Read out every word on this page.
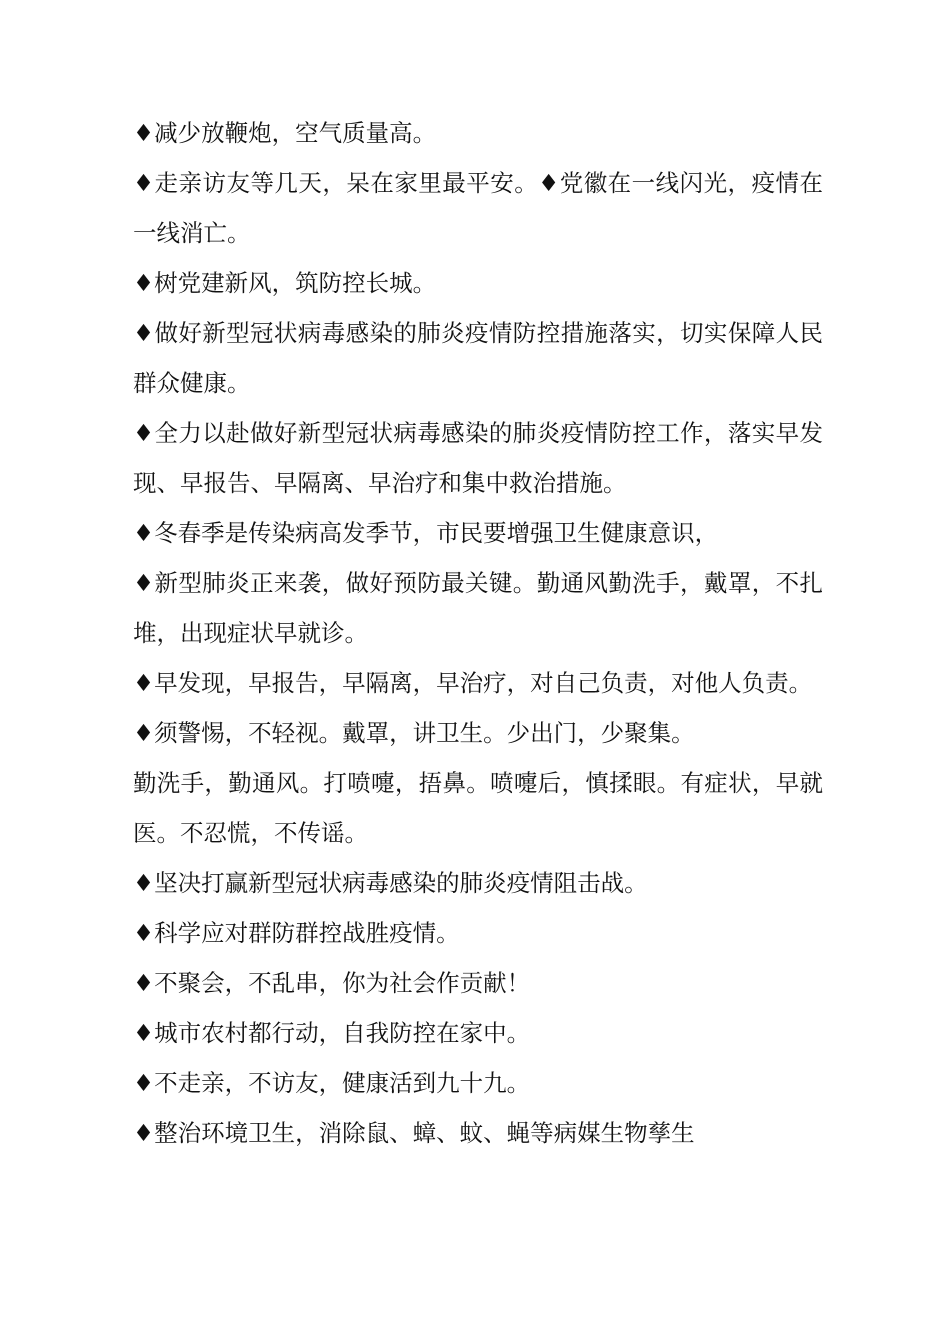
♦减少放鞭炮，空气质量高。

♦走亲访友等几天，呆在家里最平安。♦党徽在一线闪光，疫情在一线消亡。

♦树党建新风，筑防控长城。

♦做好新型冠状病毒感染的肺炎疫情防控措施落实，切实保障人民群众健康。

♦全力以赴做好新型冠状病毒感染的肺炎疫情防控工作，落实早发现、早报告、早隔离、早治疗和集中救治措施。

♦冬春季是传染病高发季节，市民要增强卫生健康意识，

♦新型肺炎正来袭，做好预防最关键。勤通风勤洗手，戴罩，不扎堆，出现症状早就诊。

♦早发现，早报告，早隔离，早治疗，对自己负责，对他人负责。

♦须警惕，不轻视。戴罩，讲卫生。少出门，少聚集。

勤洗手，勤通风。打喷嚏，捂鼻。喷嚏后，慎揉眼。有症状，早就医。不忍慌，不传谣。

♦坚决打赢新型冠状病毒感染的肺炎疫情阻击战。

♦科学应对群防群控战胜疫情。

♦不聚会，不乱串，你为社会作贡献！

♦城市农村都行动，自我防控在家中。

♦不走亲，不访友，健康活到九十九。

♦整治环境卫生，消除鼠、蟑、蚊、蝇等病媒生物孳生
